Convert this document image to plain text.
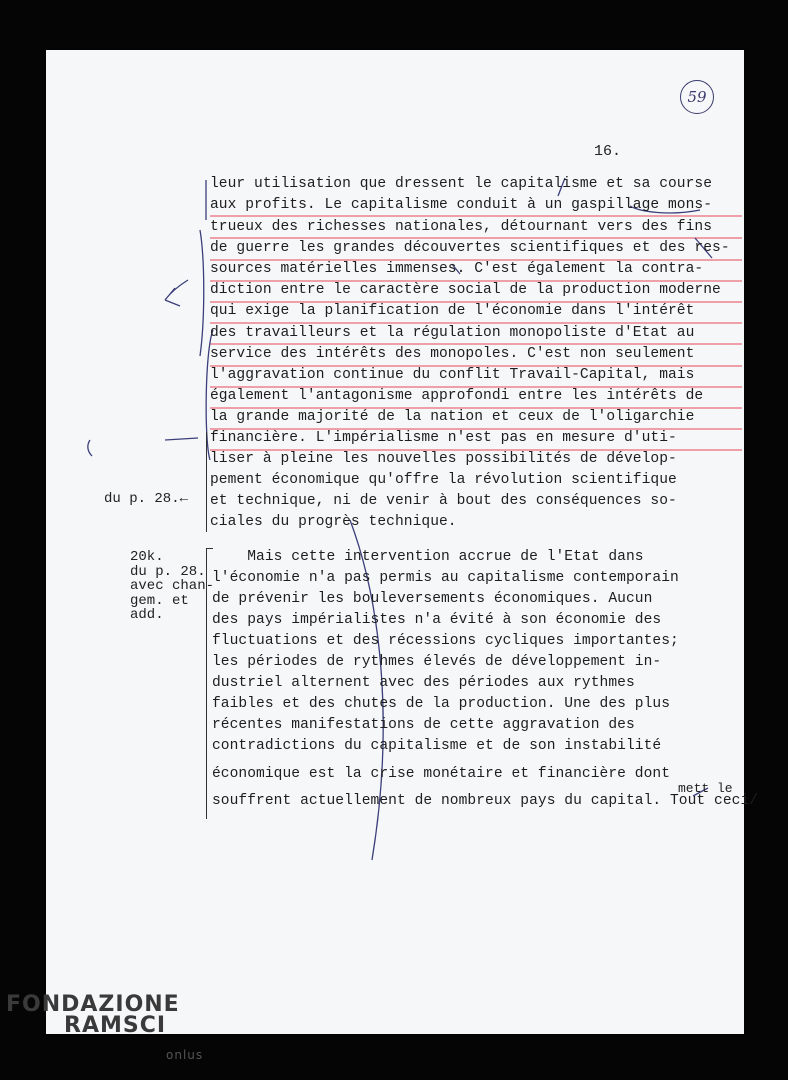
59
16.
du p. 28.←
20k.
du p. 28.
avec chan-
gem. et
add.
mett le
leur utilisation que dressent le capitalisme et sa course
aux profits. Le capitalisme conduit à un gaspillage mons-
trueux des richesses nationales, détournant vers des fins
de guerre les grandes découvertes scientifiques et des res-
sources matérielles immenses. C'est également la contra-
diction entre le caractère social de la production moderne
qui exige la planification de l'économie dans l'intérêt
des travailleurs et la régulation monopoliste d'Etat au
service des intérêts des monopoles. C'est non seulement
l'aggravation continue du conflit Travail-Capital, mais
également l'antagonisme approfondi entre les intérêts de
la grande majorité de la nation et ceux de l'oligarchie
financière. L'impérialisme n'est pas en mesure d'uti-
liser à pleine les nouvelles possibilités de dévelop-
pement économique qu'offre la révolution scientifique
et technique, ni de venir à bout des conséquences so-
ciales du progrès technique.
Mais cette intervention accrue de l'Etat dans
l'économie n'a pas permis au capitalisme contemporain
de prévenir les bouleversements économiques. Aucun
des pays impérialistes n'a évité à son économie des
fluctuations et des récessions cycliques importantes;
les périodes de rythmes élevés de développement in-
dustriel alternent avec des périodes aux rythmes
faibles et des chutes de la production. Une des plus
récentes manifestations de cette aggravation des
contradictions du capitalisme et de son instabilité
économique est la crise monétaire et financière dont
souffrent actuellement de nombreux pays du capital. Tout ceci/
FONDAZIONE
RAMSCI
onlus
